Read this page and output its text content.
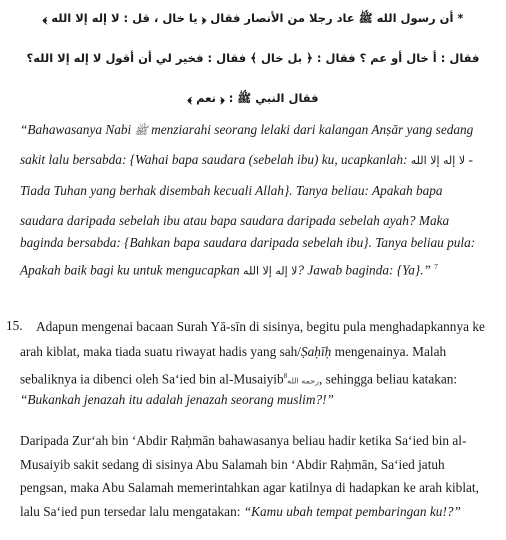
* أن رسول الله ﷺ عاد رجلا من الأنصار فقال ﴿ يا خال ، قل : لا إله إلا الله ﴾
فقال : أ خال أو عم ؟ فقال : ﴿ بل خال ﴾ فقال : فخير لي أن أقول لا إله إلا الله؟
فقال النبي ﷺ : ﴿ نعم ﴾
“Bahawasanya Nabi ﷺ menziarahi seorang lelaki dari kalangan Anṣār yang sedang
sakit lalu bersabda: {Wahai bapa saudara (sebelah ibu) ku, ucapkanlah: لا إله إلا الله -
Tiada Tuhan yang berhak disembah kecuali Allah}. Tanya beliau: Apakah bapa
saudara daripada sebelah ibu atau bapa saudara daripada sebelah ayah? Maka
baginda bersabda: {Bahkan bapa saudara daripada sebelah ibu}. Tanya beliau pula:
Apakah baik bagi ku untuk mengucapkan لا إله إلا الله? Jawab baginda: {Ya}.” $^7$
15. Adapun mengenai bacaan Surah Yā-sīn di sisinya, begitu pula menghadapkannya ke
arah kiblat, maka tiada suatu riwayat hadis yang sah/Ṣaḥīḥ mengenainya. Malah
sebaliknya ia dibenci oleh Sa‘ied bin al-Musaiyib$^8$رحمه الله, sehingga beliau katakan:
“Bukankah jenazah itu adalah jenazah seorang muslim?!”
Daripada Zur‘ah bin ‘Abdir Raḥmān bahawasanya beliau hadir ketika Sa‘ied bin al-
Musaiyib sakit sedang di sisinya Abu Salamah bin ‘Abdir Raḥmān, Sa‘ied jatuh
pengsan, maka Abu Salamah memerintahkan agar katilnya di hadapkan ke arah kiblat,
lalu Sa‘ied pun tersedar lalu mengatakan: “Kamu ubah tempat pembaringan ku!?”
